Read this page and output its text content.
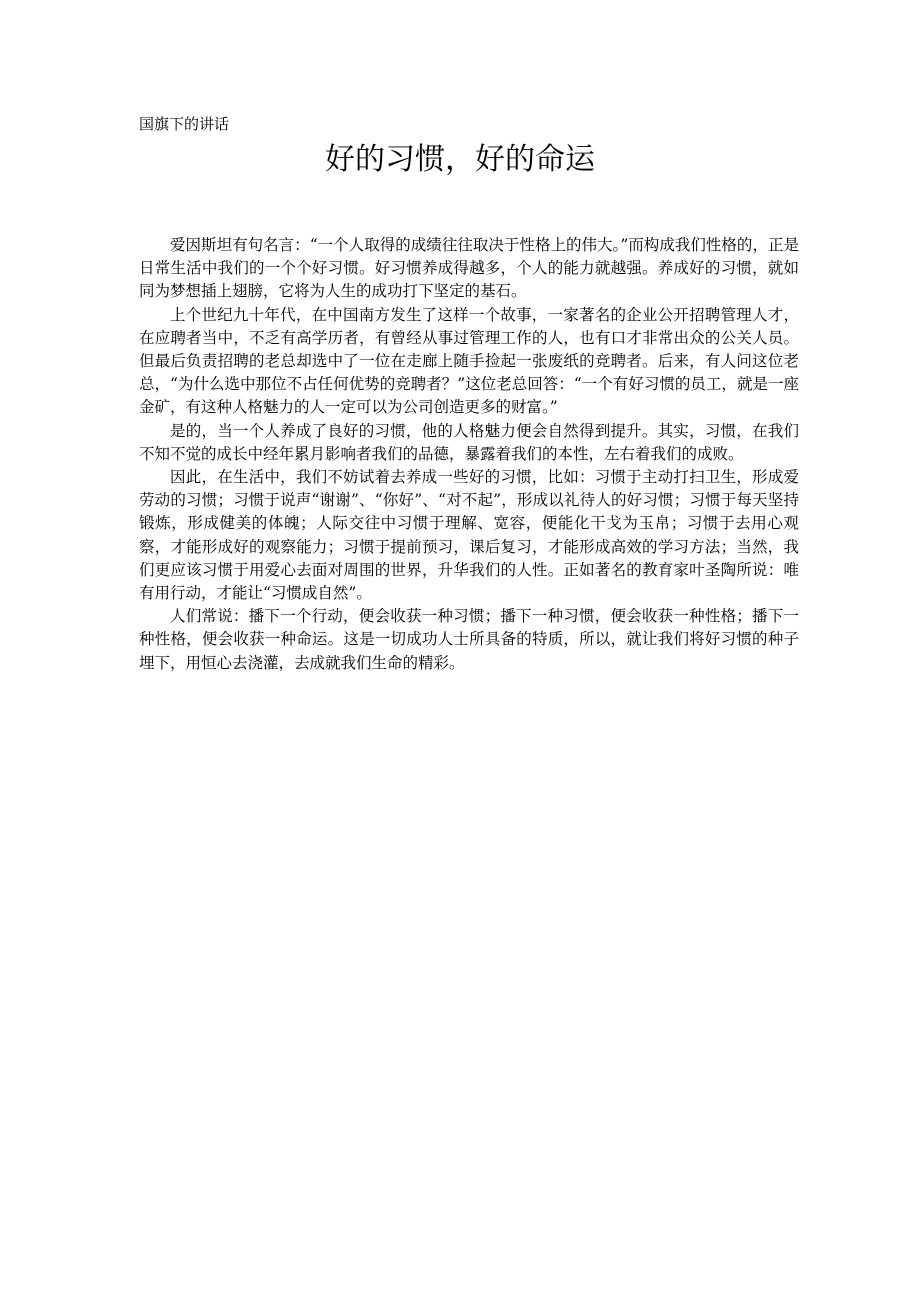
国旗下的讲话
好的习惯，好的命运

爱因斯坦有句名言：“一个人取得的成绩往往取决于性格上的伟大。”而构成我们性格的，正是日常生活中我们的一个个好习惯。好习惯养成得越多，个人的能力就越强。养成好的习惯，就如同为梦想插上翅膀，它将为人生的成功打下坚定的基石。

上个世纪九十年代，在中国南方发生了这样一个故事，一家著名的企业公开招聘管理人才，在应聘者当中，不乏有高学历者，有曾经从事过管理工作的人，也有口才非常出众的公关人员。但最后负责招聘的老总却选中了一位在走廊上随手捡起一张废纸的竞聘者。后来，有人问这位老总，“为什么选中那位不占任何优势的竞聘者？”这位老总回答：“一个有好习惯的员工，就是一座金矿，有这种人格魅力的人一定可以为公司创造更多的财富。”

是的，当一个人养成了良好的习惯，他的人格魅力便会自然得到提升。其实，习惯，在我们不知不觉的成长中经年累月影响者我们的品德，暴露着我们的本性，左右着我们的成败。

因此，在生活中，我们不妨试着去养成一些好的习惯，比如：习惯于主动打扫卫生，形成爱劳动的习惯；习惯于说声“谢谢”、“你好”、“对不起”，形成以礼待人的好习惯；习惯于每天坚持锻炼，形成健美的体魄；人际交往中习惯于理解、宽容，便能化干戈为玉帛；习惯于去用心观察，才能形成好的观察能力；习惯于提前预习，课后复习，才能形成高效的学习方法；当然，我们更应该习惯于用爱心去面对周围的世界，升华我们的人性。正如著名的教育家叶圣陶所说：唯有用行动，才能让“习惯成自然”。

人们常说：播下一个行动，便会收获一种习惯；播下一种习惯，便会收获一种性格；播下一种性格，便会收获一种命运。这是一切成功人士所具备的特质，所以，就让我们将好习惯的种子埋下，用恒心去浇灌，去成就我们生命的精彩。
